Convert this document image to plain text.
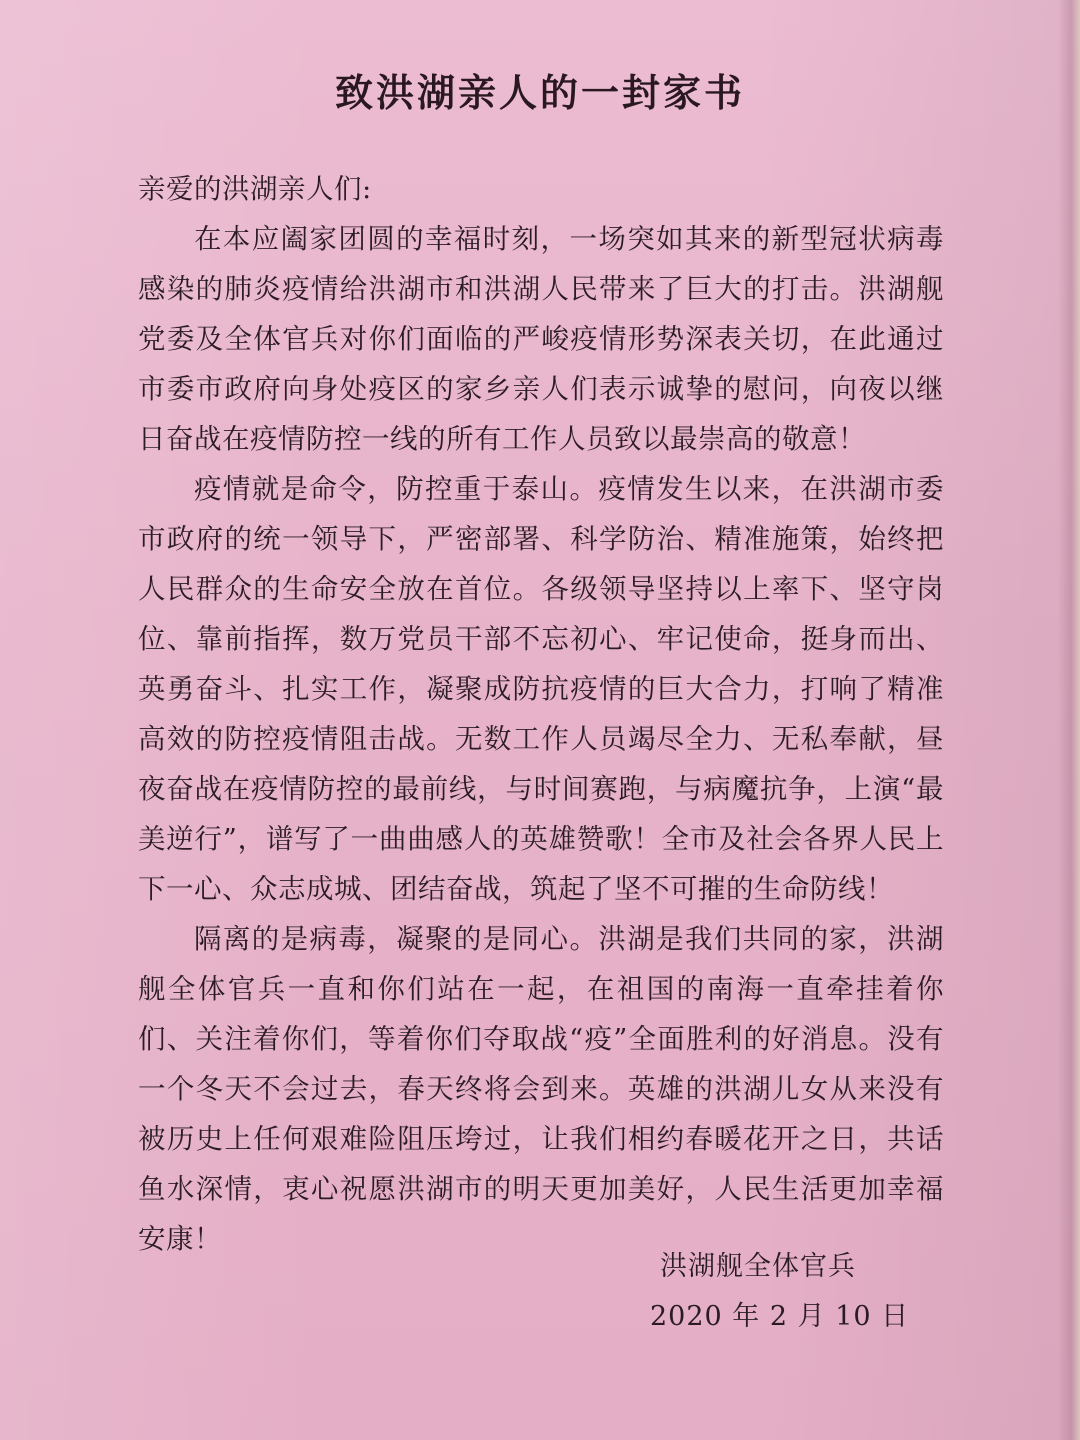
致洪湖亲人的一封家书

亲爱的洪湖亲人们:

在本应阖家团圆的幸福时刻，一场突如其来的新型冠状病毒感染的肺炎疫情给洪湖市和洪湖人民带来了巨大的打击。洪湖舰党委及全体官兵对你们面临的严峻疫情形势深表关切，在此通过市委市政府向身处疫区的家乡亲人们表示诚挚的慰问，向夜以继日奋战在疫情防控一线的所有工作人员致以最崇高的敬意！

疫情就是命令，防控重于泰山。疫情发生以来，在洪湖市委市政府的统一领导下，严密部署、科学防治、精准施策，始终把人民群众的生命安全放在首位。各级领导坚持以上率下、坚守岗位、靠前指挥，数万党员干部不忘初心、牢记使命，挺身而出、英勇奋斗、扎实工作，凝聚成防抗疫情的巨大合力，打响了精准高效的防控疫情阻击战。无数工作人员竭尽全力、无私奉献，昼夜奋战在疫情防控的最前线，与时间赛跑，与病魔抗争，上演“最美逆行”，谱写了一曲曲感人的英雄赞歌！全市及社会各界人民上下一心、众志成城、团结奋战，筑起了坚不可摧的生命防线！

隔离的是病毒，凝聚的是同心。洪湖是我们共同的家，洪湖舰全体官兵一直和你们站在一起，在祖国的南海一直牵挂着你们、关注着你们，等着你们夺取战“疫”全面胜利的好消息。没有一个冬天不会过去，春天终将会到来。英雄的洪湖儿女从来没有被历史上任何艰难险阻压垮过，让我们相约春暖花开之日，共话鱼水深情，衷心祝愿洪湖市的明天更加美好，人民生活更加幸福安康！

洪湖舰全体官兵
2020 年 2 月 10 日
